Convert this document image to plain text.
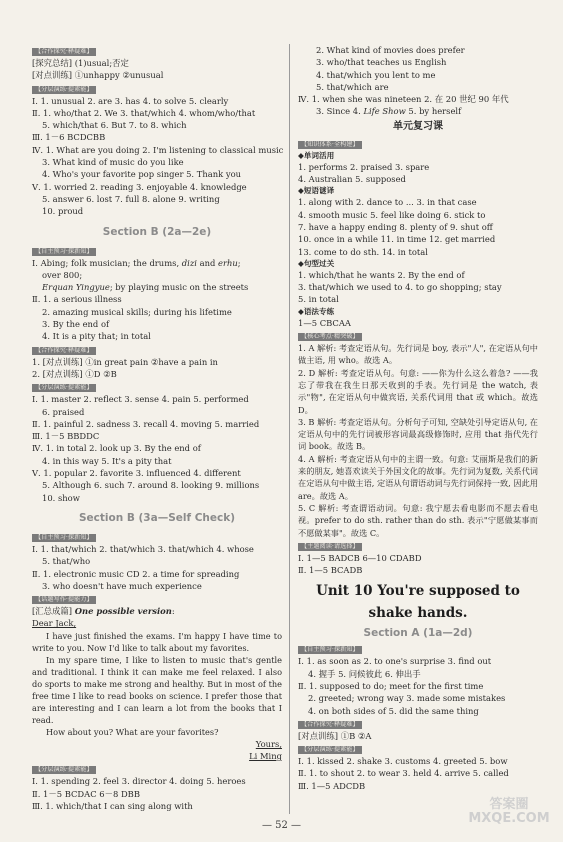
【合作探究·释疑难】
[探究总结] (1)usual;否定
[对点训练] ①unhappy ②unusual
【分层演练·提素能】
Ⅰ. 1. unusual 2. are 3. has 4. to solve 5. clearly
Ⅱ. 1. who/that 2. We 3. that/which 4. whom/who/that
5. which/that 6. But 7. to 8. which
Ⅲ. 1－6 BCDCBB
Ⅳ. 1. What are you doing 2. I'm listening to classical music
3. What kind of music do you like
4. Who's your favorite pop singer 5. Thank you
Ⅴ. 1. worried 2. reading 3. enjoyable 4. knowledge
5. answer 6. lost 7. full 8. alone 9. writing
10. proud
Section B (2a—2e)
【自主预习·探新知】
Ⅰ. Abing; folk musician; the drums, dizi and erhu;
over 800;
Erquan Yingyue; by playing music on the streets
Ⅱ. 1. a serious illness
2. amazing musical skills; during his lifetime
3. By the end of
4. It is a pity that; in total
【合作探究·释疑难】
1. [对点训练] ①in great pain ②have a pain in
2. [对点训练] ①D ②B
【分层演练·提素能】
Ⅰ. 1. master 2. reflect 3. sense 4. pain 5. performed
6. praised
Ⅱ. 1. painful 2. sadness 3. recall 4. moving 5. married
Ⅲ. 1－5 BBDDC
Ⅳ. 1. in total 2. look up 3. By the end of
4. in this way 5. It's a pity that
Ⅴ. 1. popular 2. favorite 3. influenced 4. different
5. Although 6. such 7. around 8. looking 9. millions
10. show
Section B (3a—Self Check)
【自主预习·探新知】
Ⅰ. 1. that/which 2. that/which 3. that/which 4. whose
5. that/who
Ⅱ. 1. electronic music CD 2. a time for spreading
3. who doesn't have much experience
【话题写作·提能力】
[汇总成篇] One possible version:
Dear Jack,
I have just finished the exams. I'm happy I have time to write to you. Now I'd like to talk about my favorites.
In my spare time, I like to listen to music that's gentle and traditional. I think it can make me feel relaxed. I also do sports to make me strong and healthy. But in most of the free time I like to read books on science. I prefer those that are interesting and I can learn a lot from the books that I read.
How about you? What are your favorites?
Yours,
Li Ming
【分层演练·提素能】
Ⅰ. 1. spending 2. feel 3. director 4. doing 5. heroes
Ⅱ. 1－5 BCDAC 6－8 DBB
Ⅲ. 1. which/that I can sing along with
2. What kind of movies does prefer
3. who/that teaches us English
4. that/which you lent to me
5. that/which are
Ⅳ. 1. when she was nineteen 2. 在 20 世纪 90 年代
3. Since 4. Life Show 5. by herself
单元复习课
【知识体系·全构建】
◆单词活用
1. performs 2. praised 3. spare
4. Australian 5. supposed
◆短语谜译
1. along with 2. dance to ... 3. in that case
4. smooth music 5. feel like doing 6. stick to
7. have a happy ending 8. plenty of 9. shut off
10. once in a while 11. in time 12. get married
13. come to do sth. 14. in total
◆句型过关
1. which/that he wants 2. By the end of
3. that/which we used to 4. to go shopping; stay
5. in total
◆语法专练
1—5 CBCAA
【核心考点·精突破】
1. A 解析: 考查定语从句。先行词是 boy, 表示"人", 在定语从句中做主语, 用 who。故选 A。
2. D 解析: 考查定语从句。句意: ——你为什么这么着急? ——我忘了带我在我生日那天收到的手表。先行词是 the watch, 表示"物", 在定语从句中做宾语, 关系代词用 that 或 which。故选 D。
3. B 解析: 考查定语从句。分析句子可知, 空缺处引导定语从句, 在定语从句中的先行词被形容词最高级修饰时, 应用 that 指代先行词 book。故选 B。
4. A 解析: 考查定语从句中的主谓一致。句意: 艾丽斯是我们的新来的朋友, 她喜欢读关于外国文化的故事。先行词为复数, 关系代词在定语从句中做主语, 定语从句谓语动词与先行词保持一致, 因此用 are。故选 A。
5. C 解析: 考查谓语动词。句意: 我宁愿去看电影而不愿去看电视。prefer to do sth. rather than do sth. 表示"宁愿做某事而不愿做某事"。故选 C。
【主题阅读·请选择】
Ⅰ. 1—5 BADCB 6—10 CDABD
Ⅱ. 1—5 BCADB
Unit 10 You're supposed to
shake hands.
Section A (1a—2d)
【自主预习·探新知】
Ⅰ. 1. as soon as 2. to one's surprise 3. find out
4. 握手 5. 问候彼此 6. 伸出手
Ⅱ. 1. supposed to do; meet for the first time
2. greeted; wrong way 3. made some mistakes
4. on both sides of 5. did the same thing
【合作探究·释疑难】
[对点训练] ①B ②A
【分层演练·提素能】
Ⅰ. 1. kissed 2. shake 3. customs 4. greeted 5. bow
Ⅱ. 1. to shout 2. to wear 3. held 4. arrive 5. called
Ⅲ. 1—5 ADCDB
— 52 —
答案圈 MXQE.COM
